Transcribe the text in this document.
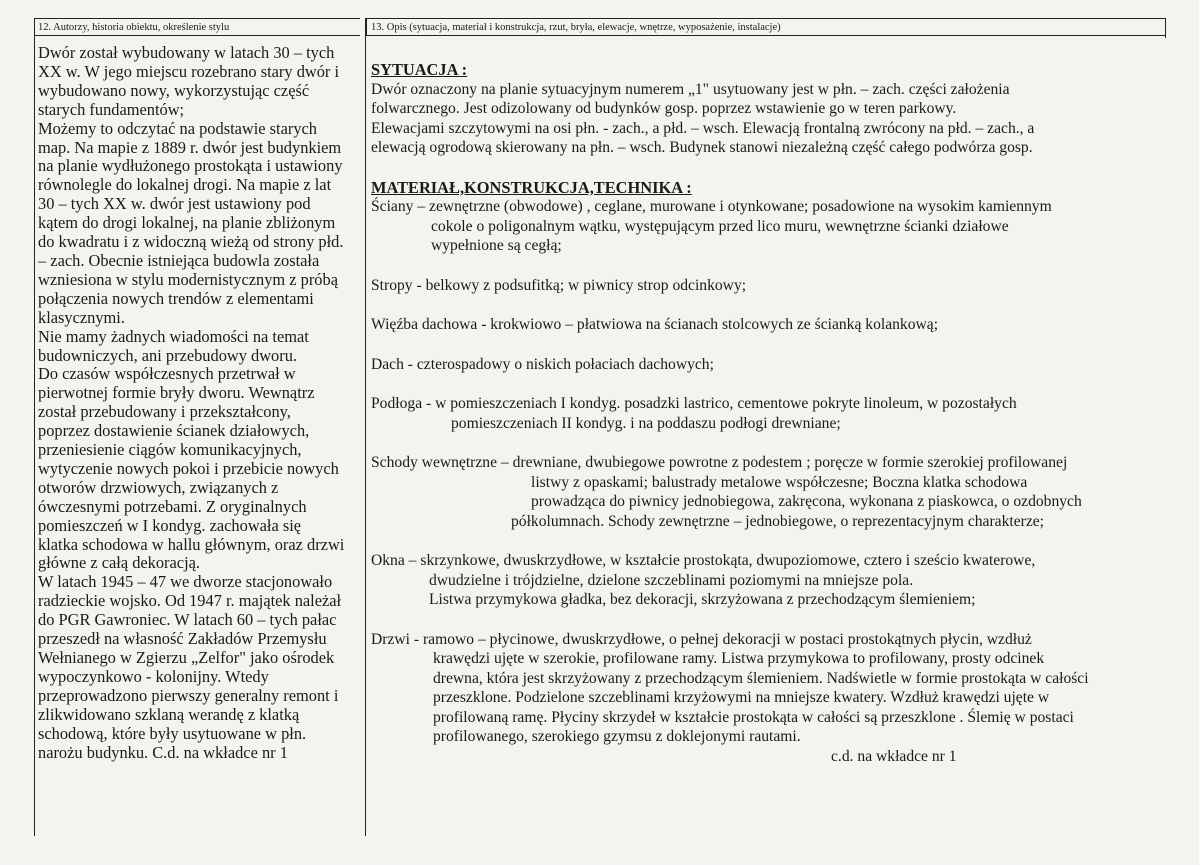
12. Autorzy, historia obiektu, określenie stylu	13. Opis (sytuacja, materiał i konstrukcja, rzut, bryła, elewacje, wnętrze, wyposażenie, instalacje)

Dwór został wybudowany w latach 30 – tych

XX w. W jego miejscu rozebrano stary dwór i

wybudowano nowy, wykorzystując część

starych fundamentów;

Możemy to odczytać na podstawie starych

map. Na mapie z 1889 r. dwór jest budynkiem

na planie wydłużonego prostokąta i ustawiony

równolegle do lokalnej drogi. Na mapie z lat

30 – tych XX w. dwór jest ustawiony pod

kątem do drogi lokalnej, na planie zbliżonym

do kwadratu i z widoczną wieżą od strony płd.

– zach. Obecnie istniejąca budowla została

wzniesiona w stylu modernistycznym z próbą

połączenia nowych trendów z elementami

klasycznymi.

Nie mamy żadnych wiadomości na temat

budowniczych, ani przebudowy dworu.

Do czasów współczesnych przetrwał w

pierwotnej formie bryły dworu. Wewnątrz

został przebudowany i przekształcony,

poprzez dostawienie ścianek działowych,

przeniesienie ciągów komunikacyjnych,

wytyczenie nowych pokoi i przebicie nowych

otworów drzwiowych, związanych z

ówczesnymi potrzebami. Z oryginalnych

pomieszczeń w I kondyg. zachowała się

klatka schodowa w hallu głównym, oraz drzwi

główne z całą dekoracją.

W latach 1945 – 47 we dworze stacjonowało

radzieckie wojsko. Od 1947 r. majątek należał

do PGR Gawroniec. W latach 60 – tych pałac

przeszedł na własność Zakładów Przemysłu

Wełnianego w Zgierzu „Zelfor" jako ośrodek

wypoczynkowo - kolonijny. Wtedy

przeprowadzono pierwszy generalny remont i

zlikwidowano szklaną werandę z klatką

schodową, które były usytuowane w płn.

narożu budynku. C.d. na wkładce nr 1

SYTUACJA :

Dwór oznaczony na planie sytuacyjnym numerem „1" usytuowany jest w płn. – zach. części założenia

folwarcznego. Jest odizolowany od budynków gosp. poprzez wstawienie go w teren parkowy.

Elewacjami szczytowymi na osi płn. - zach., a płd. – wsch. Elewacją frontalną zwrócony na płd. – zach., a

elewacją ogrodową skierowany na płn. – wsch. Budynek stanowi niezależną część całego podwórza gosp.

MATERIAŁ,KONSTRUKCJA,TECHNIKA :

Ściany – zewnętrzne (obwodowe) , ceglane, murowane i otynkowane; posadowione na wysokim kamiennym

cokole o poligonalnym wątku, występującym przed lico muru, wewnętrzne ścianki działowe

wypełnione są cegłą;

Stropy - belkowy z podsufitką; w piwnicy strop odcinkowy;

Więźba dachowa - krokwiowo – płatwiowa na ścianach stolcowych ze ścianką kolankową;

Dach - czterospadowy o niskich połaciach dachowych;

Podłoga - w pomieszczeniach I kondyg. posadzki lastrico, cementowe pokryte linoleum, w pozostałych

pomieszczeniach II kondyg. i na poddaszu podłogi drewniane;

Schody wewnętrzne – drewniane, dwubiegowe powrotne z podestem ; poręcze w formie szerokiej profilowanej

listwy z opaskami; balustrady metalowe współczesne; Boczna klatka schodowa

prowadząca do piwnicy jednobiegowa, zakręcona, wykonana z piaskowca, o ozdobnych

półkolumnach. Schody zewnętrzne – jednobiegowe, o reprezentacyjnym charakterze;

Okna – skrzynkowe, dwuskrzydłowe, w kształcie prostokąta, dwupoziomowe, cztero i sześcio kwaterowe,

dwudzielne i trójdzielne, dzielone szczeblinami poziomymi na mniejsze pola.

Listwa przymykowa gładka, bez dekoracji, skrzyżowana z przechodzącym ślemieniem;

Drzwi - ramowo – płycinowe, dwuskrzydłowe, o pełnej dekoracji w postaci prostokątnych płycin, wzdłuż

krawędzi ujęte w szerokie, profilowane ramy. Listwa przymykowa to profilowany, prosty odcinek

drewna, która jest skrzyżowany z przechodzącym ślemieniem. Nadświetle w formie prostokąta w całości

przeszklone. Podzielone szczeblinami krzyżowymi na mniejsze kwatery. Wzdłuż krawędzi ujęte w

profilowaną ramę. Płyciny skrzydeł w kształcie prostokąta w całości są przeszklone . Ślemię w postaci

profilowanego, szerokiego gzymsu z doklejonymi rautami.

c.d. na wkładce nr 1
